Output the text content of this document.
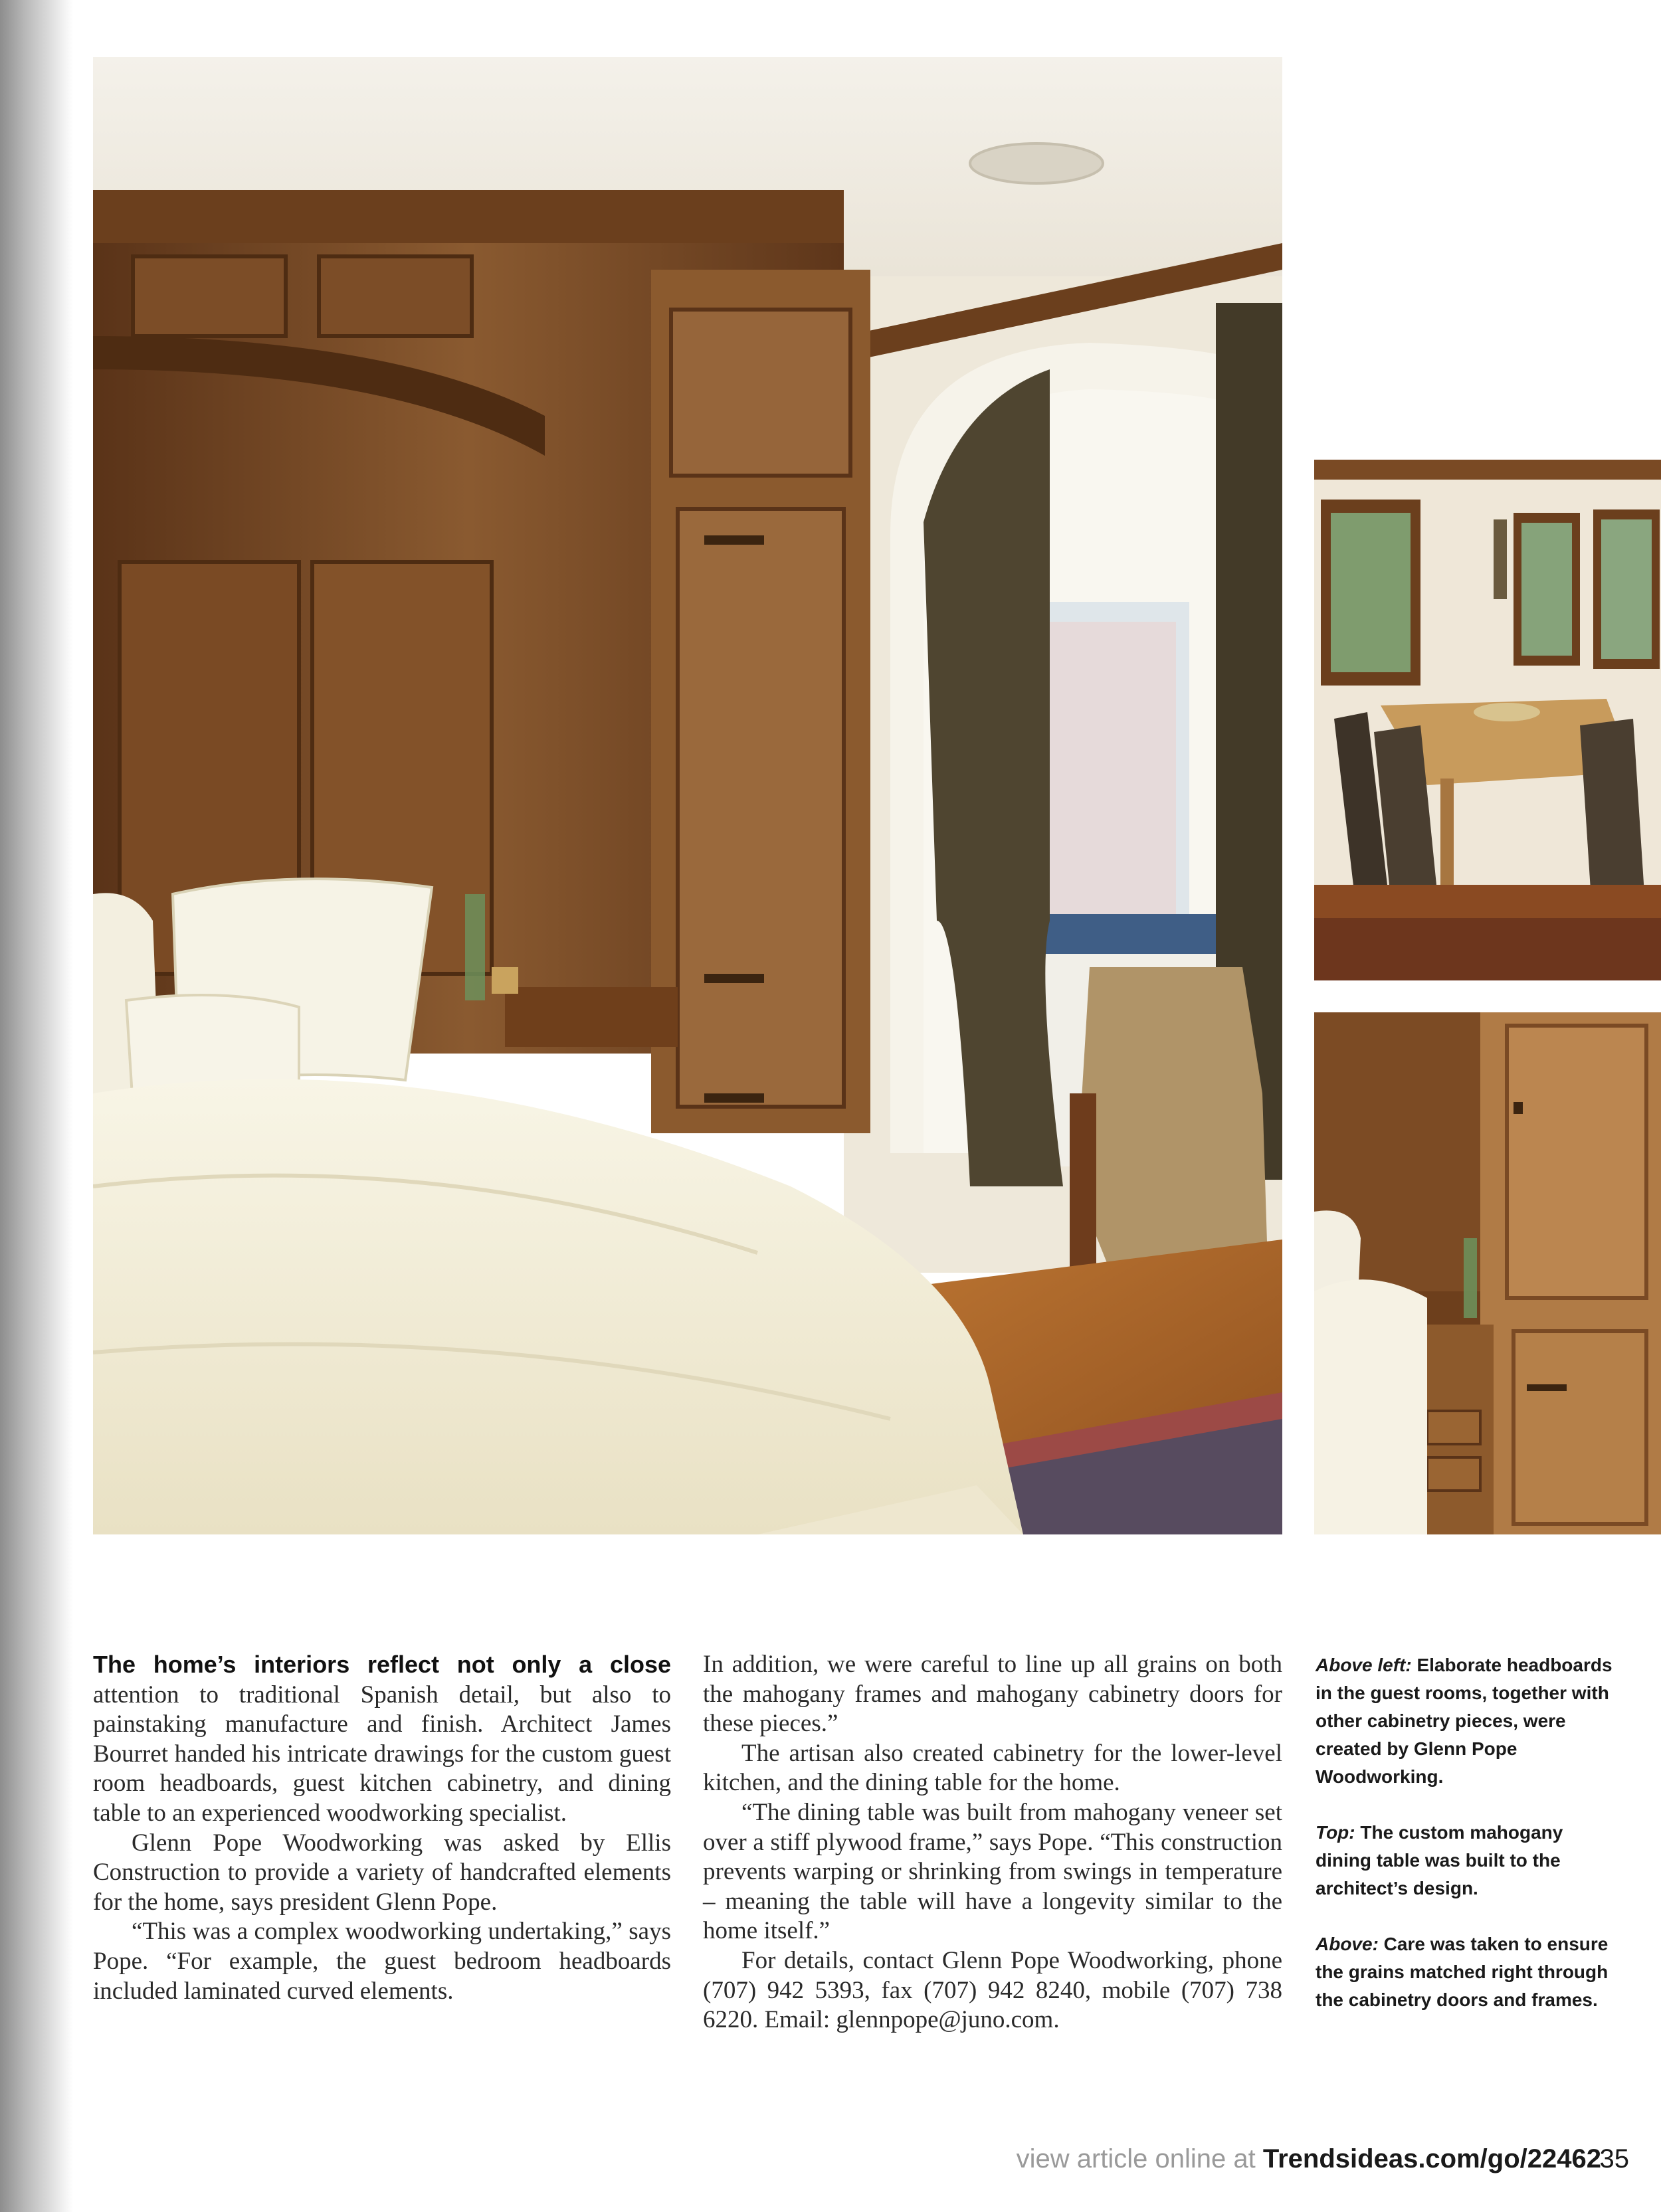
The home’s interiors reflect not only a close attention to traditional Spanish detail, but also to painstaking manufacture and finish. Architect James Bourret handed his intricate drawings for the custom guest room headboards, guest kitchen cabinetry, and dining table to an experienced woodworking specialist.

Glenn Pope Woodworking was asked by Ellis Construction to provide a variety of handcrafted elements for the home, says president Glenn Pope.

“This was a complex woodworking undertaking,” says Pope. “For example, the guest bedroom headboards included laminated curved elements.

In addition, we were careful to line up all grains on both the mahogany frames and mahogany cabinetry doors for these pieces.”

The artisan also created cabinetry for the lower-level kitchen, and the dining table for the home.

“The dining table was built from mahogany veneer set over a stiff plywood frame,” says Pope. “This construction prevents warping or shrinking from swings in temperature – meaning the table will have a longevity similar to the home itself.”

For details, contact Glenn Pope Woodworking, phone (707) 942 5393, fax (707) 942 8240, mobile (707) 738 6220. Email: glennpope@juno.com.

Above left: Elaborate headboards in the guest rooms, together with other cabinetry pieces, were created by Glenn Pope Woodworking.

Top: The custom mahogany dining table was built to the architect’s design.

Above: Care was taken to ensure the grains matched right through the cabinetry doors and frames.

view article online at Trendsideas.com/go/22462
35
